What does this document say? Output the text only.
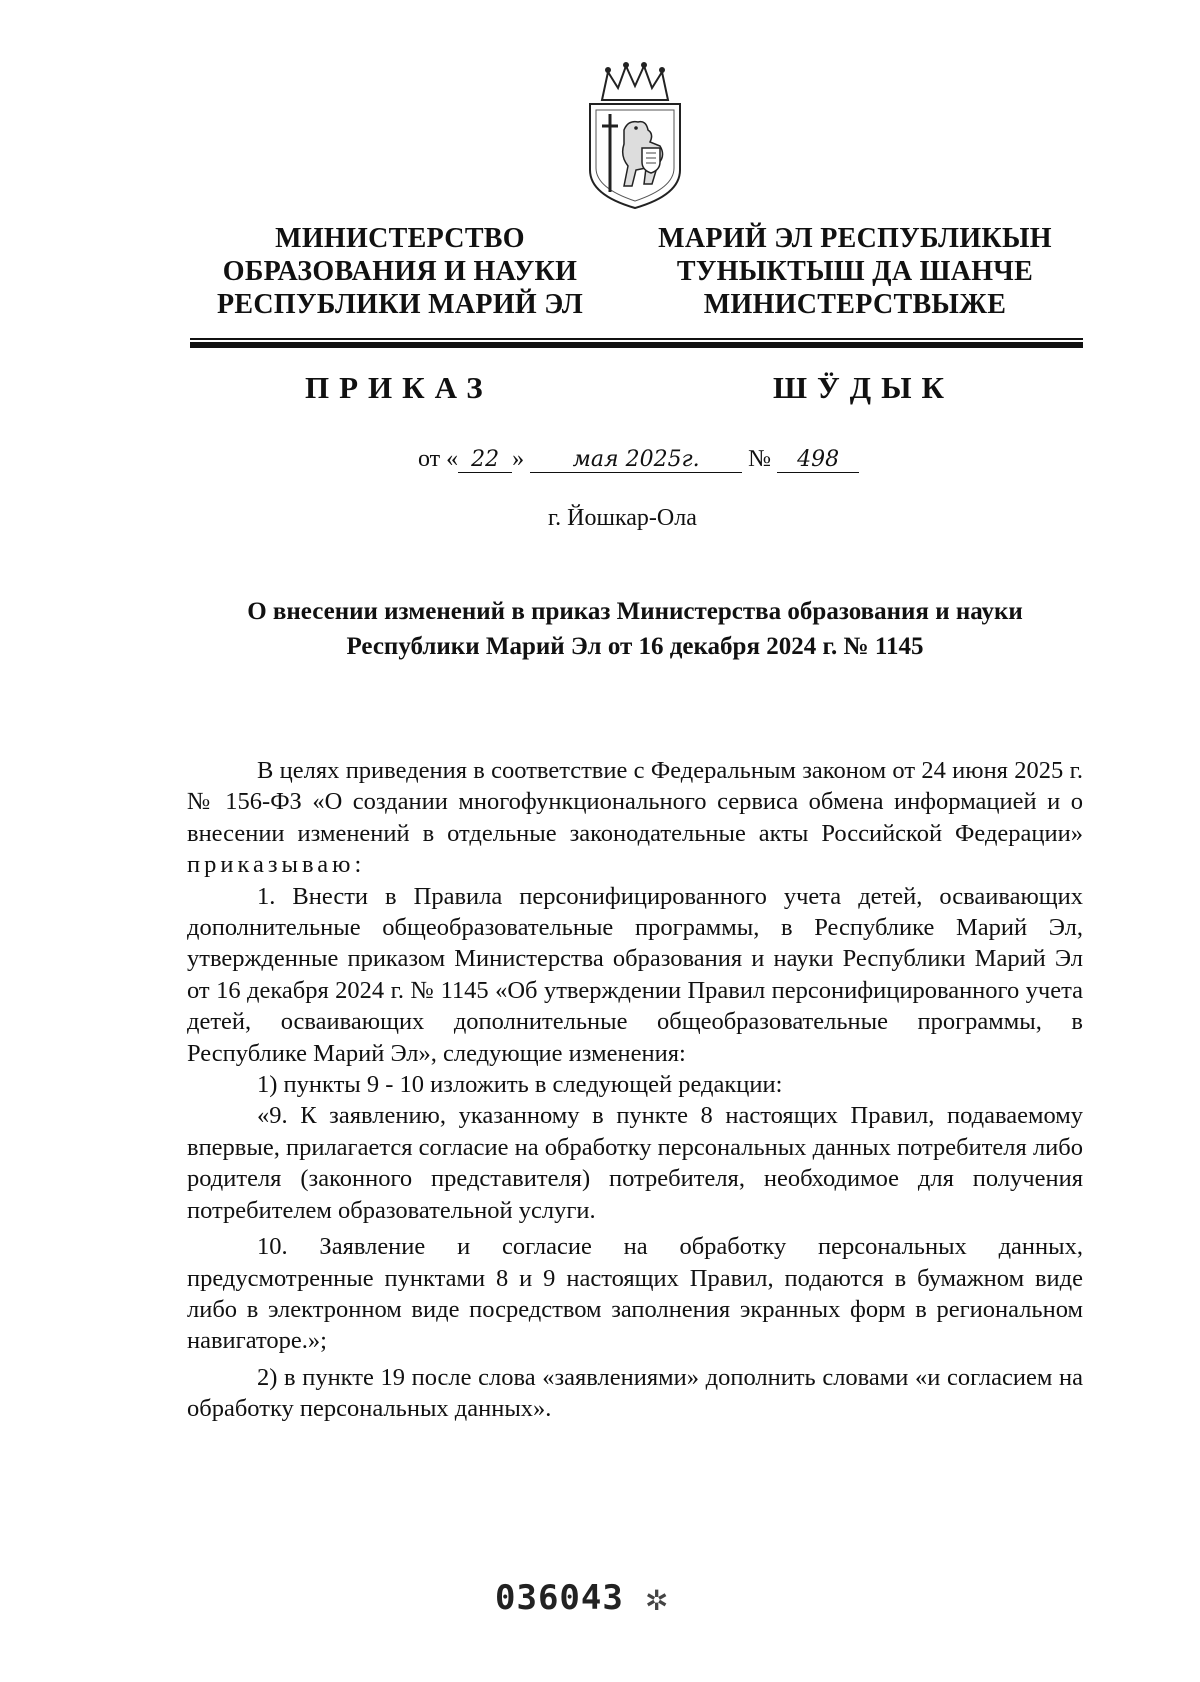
МИНИСТЕРСТВО
ОБРАЗОВАНИЯ И НАУКИ
РЕСПУБЛИКИ МАРИЙ ЭЛ
МАРИЙ ЭЛ РЕСПУБЛИКЫН
ТУНЫКТЫШ ДА ШАНЧЕ
МИНИСТЕРСТВЫЖЕ
ПРИКАЗ	ШӰДЫК
от « 22 » мая 2025г. № 498
г. Йошкар-Ола
О внесении изменений в приказ Министерства образования и науки Республики Марий Эл от 16 декабря 2024 г. № 1145

В целях приведения в соответствие с Федеральным законом от 24 июня 2025 г. № 156-ФЗ «О создании многофункционального сервиса обмена информацией и о внесении изменений в отдельные законодательные акты Российской Федерации» приказываю:

1. Внести в Правила персонифицированного учета детей, осваивающих дополнительные общеобразовательные программы, в Республике Марий Эл, утвержденные приказом Министерства образования и науки Республики Марий Эл от 16 декабря 2024 г. № 1145 «Об утверждении Правил персонифицированного учета детей, осваивающих дополнительные общеобразовательные программы, в Республике Марий Эл», следующие изменения:

1) пункты 9 - 10 изложить в следующей редакции:

«9. К заявлению, указанному в пункте 8 настоящих Правил, подаваемому впервые, прилагается согласие на обработку персональных данных потребителя либо родителя (законного представителя) потребителя, необходимое для получения потребителем образовательной услуги.

10. Заявление и согласие на обработку персональных данных, предусмотренные пунктами 8 и 9 настоящих Правил, подаются в бумажном виде либо в электронном виде посредством заполнения экранных форм в региональном навигаторе.»;

2) в пункте 19 после слова «заявлениями» дополнить словами «и согласием на обработку персональных данных».

036043 ✲
